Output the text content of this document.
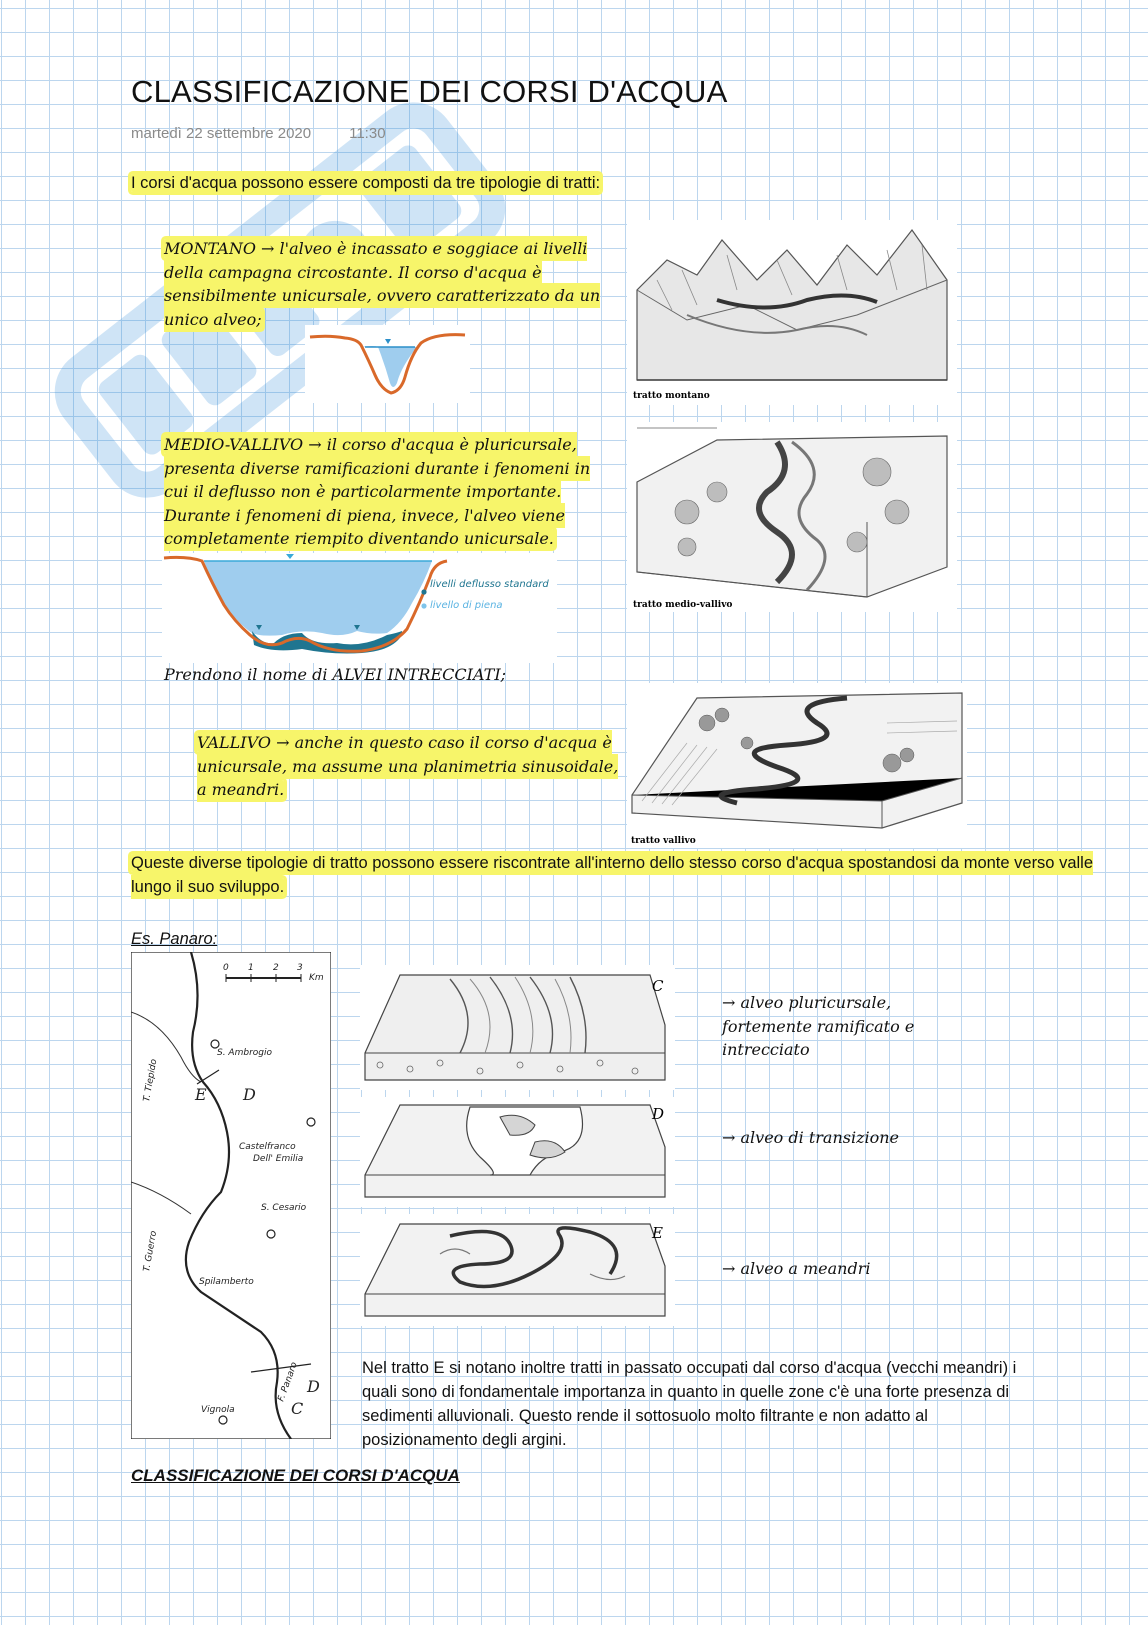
CLASSIFICAZIONE DEI CORSI D'ACQUA
martedì 22 settembre 2020	11:30
I corsi d'acqua possono essere composti da tre tipologie di tratti:
MONTANO → l'alveo è incassato e soggiace ai livelli della campagna circostante. Il corso d'acqua è sensibilmente unicursale, ovvero caratterizzato da un unico alveo;
tratto montano
MEDIO-VALLIVO → il corso d'acqua è pluricursale, presenta diverse ramificazioni durante i fenomeni in cui il deflusso non è particolarmente importante. Durante i fenomeni di piena, invece, l'alveo viene completamente riempito diventando unicursale.
livelli deflusso standard
livello di piena	tratto medio-vallivo
Prendono il nome di ALVEI INTRECCIATI;
VALLIVO → anche in questo caso il corso d'acqua è unicursale, ma assume una planimetria sinusoidale, a meandri.
tratto vallivo
Queste diverse tipologie di tratto possono essere riscontrate all'interno dello stesso corso d'acqua spostandosi da monte verso valle lungo il suo sviluppo.
Es. Panaro:
0 1 2 3
Km
S. Ambrogio
Castelfranco
Dell' Emilia
S. Cesario
Spilamberto
Vignola
T. Tiepido
T. Guerro
F. Panaro
E D
D
C
C
D
E
→ alveo pluricursale, fortemente ramificato e intrecciato
→ alveo di transizione
→ alveo a meandri
Nel tratto E si notano inoltre tratti in passato occupati dal corso d'acqua (vecchi meandri) i quali sono di fondamentale importanza in quanto in quelle zone c'è una forte presenza di sedimenti alluvionali. Questo rende il sottosuolo molto filtrante e non adatto al posizionamento degli argini.
CLASSIFICAZIONE DEI CORSI D'ACQUA
